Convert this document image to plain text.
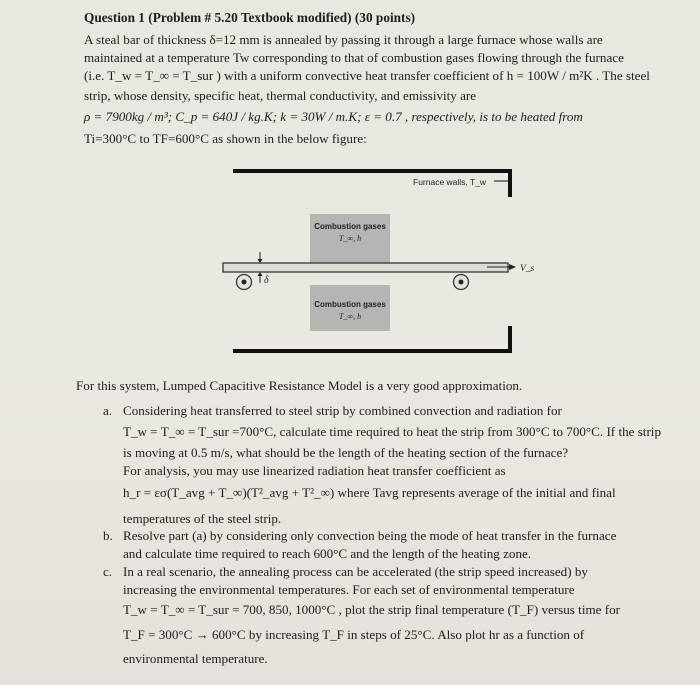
Question 1 (Problem # 5.20 Textbook modified) (30 points)
A steal bar of thickness δ=12 mm is annealed by passing it through a large furnace whose walls are
maintained at a temperature Tw corresponding to that of combustion gases flowing through the furnace
(i.e. T_w = T_∞ = T_sur ) with a uniform convective heat transfer coefficient of h = 100W / m²K . The steel
strip, whose density, specific heat, thermal conductivity, and emissivity are
ρ = 7900kg / m³; C_p = 640J / kg.K; k = 30W / m.K; ε = 0.7 , respectively, is to be heated from
Ti=300°C to TF=600°C as shown in the below figure:
Furnace walls, T_w
Combustion gases
T_∞, h
δ
V_s
Combustion gases
T_∞, h
For this system, Lumped Capacitive Resistance Model is a very good approximation.
a. Considering heat transferred to steel strip by combined convection and radiation for
T_w = T_∞ = T_sur =700°C, calculate time required to heat the strip from 300°C to 700°C. If the strip
is moving at 0.5 m/s, what should be the length of the heating section of the furnace?
For analysis, you may use linearized radiation heat transfer coefficient as
h_r = εσ(T_avg + T_∞)(T²_avg + T²_∞) where Tavg represents average of the initial and final
temperatures of the steel strip.
b. Resolve part (a) by considering only convection being the mode of heat transfer in the furnace
and calculate time required to reach 600°C and the length of the heating zone.
c. In a real scenario, the annealing process can be accelerated (the strip speed increased) by
increasing the environmental temperatures. For each set of environmental temperature
T_w = T_∞ = T_sur = 700, 850, 1000°C , plot the strip final temperature (T_F) versus time for
T_F = 300°C → 600°C by increasing T_F in steps of 25°C. Also plot hr as a function of
environmental temperature.
